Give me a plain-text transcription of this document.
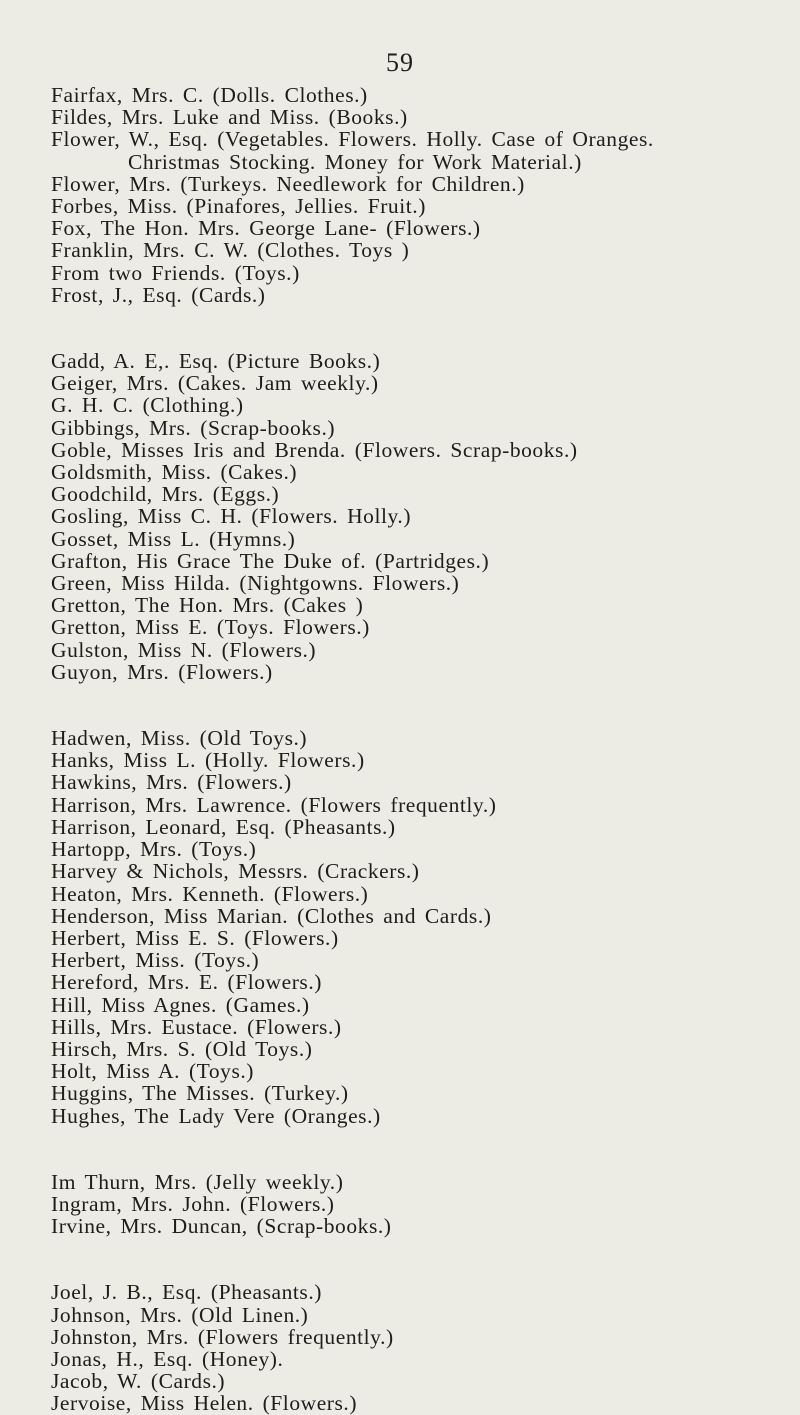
59
Fairfax, Mrs. C. (Dolls. Clothes.)
Fildes, Mrs. Luke and Miss. (Books.)
Flower, W., Esq. (Vegetables. Flowers. Holly. Case of Oranges.
Christmas Stocking. Money for Work Material.)
Flower, Mrs. (Turkeys. Needlework for Children.)
Forbes, Miss. (Pinafores, Jellies. Fruit.)
Fox, The Hon. Mrs. George Lane- (Flowers.)
Franklin, Mrs. C. W. (Clothes. Toys )
From two Friends. (Toys.)
Frost, J., Esq. (Cards.)
Gadd, A. E,. Esq. (Picture Books.)
Geiger, Mrs. (Cakes. Jam weekly.)
G. H. C. (Clothing.)
Gibbings, Mrs. (Scrap-books.)
Goble, Misses Iris and Brenda. (Flowers. Scrap-books.)
Goldsmith, Miss. (Cakes.)
Goodchild, Mrs. (Eggs.)
Gosling, Miss C. H. (Flowers. Holly.)
Gosset, Miss L. (Hymns.)
Grafton, His Grace The Duke of. (Partridges.)
Green, Miss Hilda. (Nightgowns. Flowers.)
Gretton, The Hon. Mrs. (Cakes )
Gretton, Miss E. (Toys. Flowers.)
Gulston, Miss N. (Flowers.)
Guyon, Mrs. (Flowers.)
Hadwen, Miss. (Old Toys.)
Hanks, Miss L. (Holly. Flowers.)
Hawkins, Mrs. (Flowers.)
Harrison, Mrs. Lawrence. (Flowers frequently.)
Harrison, Leonard, Esq. (Pheasants.)
Hartopp, Mrs. (Toys.)
Harvey & Nichols, Messrs. (Crackers.)
Heaton, Mrs. Kenneth. (Flowers.)
Henderson, Miss Marian. (Clothes and Cards.)
Herbert, Miss E. S. (Flowers.)
Herbert, Miss. (Toys.)
Hereford, Mrs. E. (Flowers.)
Hill, Miss Agnes. (Games.)
Hills, Mrs. Eustace. (Flowers.)
Hirsch, Mrs. S. (Old Toys.)
Holt, Miss A. (Toys.)
Huggins, The Misses. (Turkey.)
Hughes, The Lady Vere (Oranges.)
Im Thurn, Mrs. (Jelly weekly.)
Ingram, Mrs. John. (Flowers.)
Irvine, Mrs. Duncan, (Scrap-books.)
Joel, J. B., Esq. (Pheasants.)
Johnson, Mrs. (Old Linen.)
Johnston, Mrs. (Flowers frequently.)
Jonas, H., Esq. (Honey).
Jacob, W. (Cards.)
Jervoise, Miss Helen. (Flowers.)
